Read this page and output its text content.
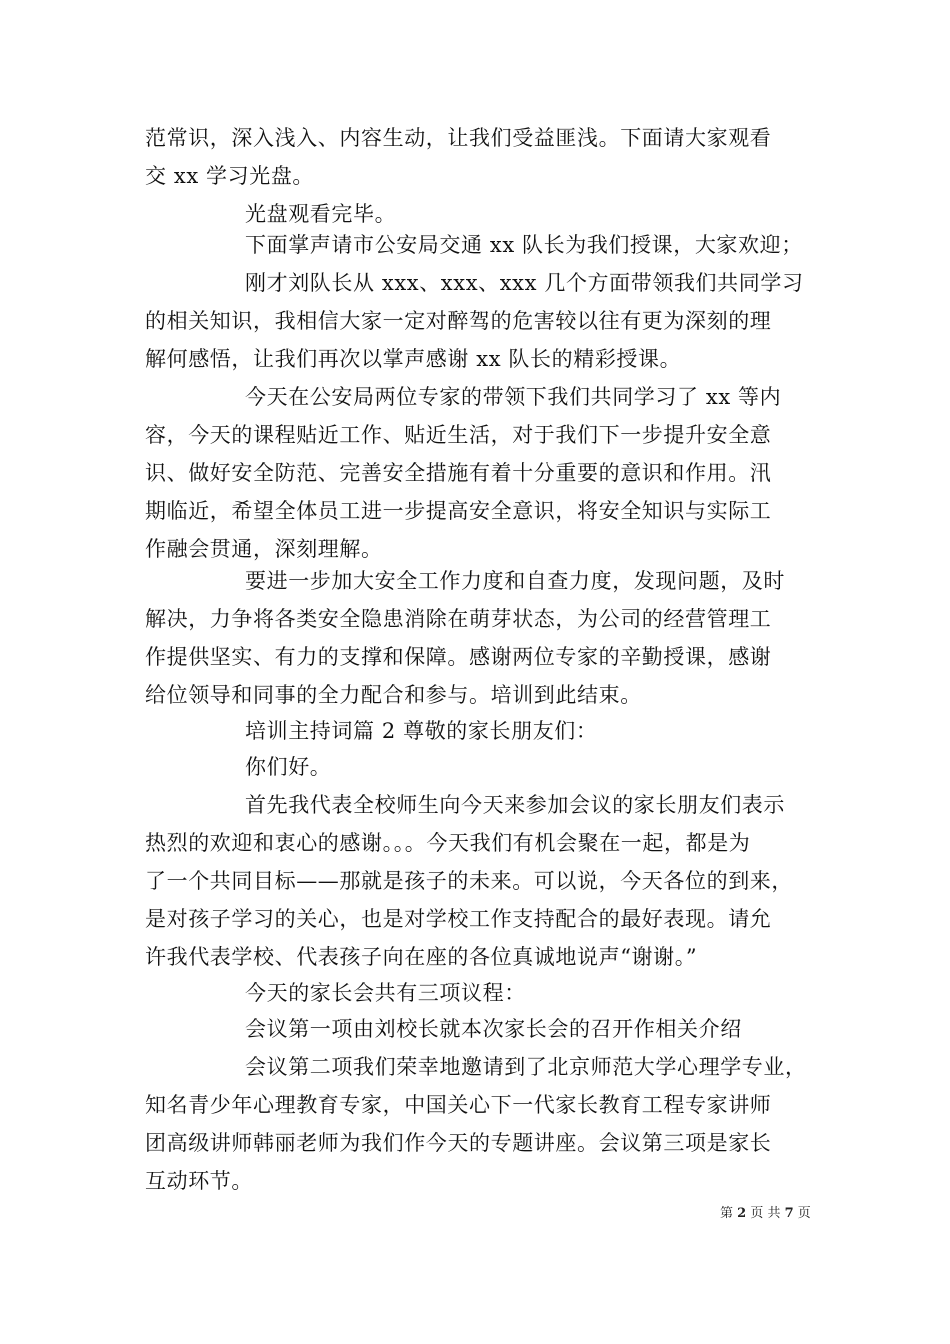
范常识，深入浅入、内容生动，让我们受益匪浅。下面请大家观看
交 xx 学习光盘。
光盘观看完毕。
下面掌声请市公安局交通 xx 队长为我们授课，大家欢迎；
刚才刘队长从 xxx、xxx、xxx 几个方面带领我们共同学习
的相关知识，我相信大家一定对醉驾的危害较以往有更为深刻的理
解何感悟，让我们再次以掌声感谢 xx 队长的精彩授课。
今天在公安局两位专家的带领下我们共同学习了 xx 等内
容，今天的课程贴近工作、贴近生活，对于我们下一步提升安全意
识、做好安全防范、完善安全措施有着十分重要的意识和作用。汛
期临近，希望全体员工进一步提高安全意识，将安全知识与实际工
作融会贯通，深刻理解。
要进一步加大安全工作力度和自查力度，发现问题，及时
解决，力争将各类安全隐患消除在萌芽状态，为公司的经营管理工
作提供坚实、有力的支撑和保障。感谢两位专家的辛勤授课，感谢
给位领导和同事的全力配合和参与。培训到此结束。
培训主持词篇 2 尊敬的家长朋友们：
你们好。
首先我代表全校师生向今天来参加会议的家长朋友们表示
热烈的欢迎和衷心的感谢。。。今天我们有机会聚在一起，都是为
了一个共同目标——那就是孩子的未来。可以说，今天各位的到来，
是对孩子学习的关心，也是对学校工作支持配合的最好表现。请允
许我代表学校、代表孩子向在座的各位真诚地说声“谢谢。”
今天的家长会共有三项议程：
会议第一项由刘校长就本次家长会的召开作相关介绍
会议第二项我们荣幸地邀请到了北京师范大学心理学专业，
知名青少年心理教育专家，中国关心下一代家长教育工程专家讲师
团高级讲师韩丽老师为我们作今天的专题讲座。会议第三项是家长
互动环节。
第 2 页 共 7 页
